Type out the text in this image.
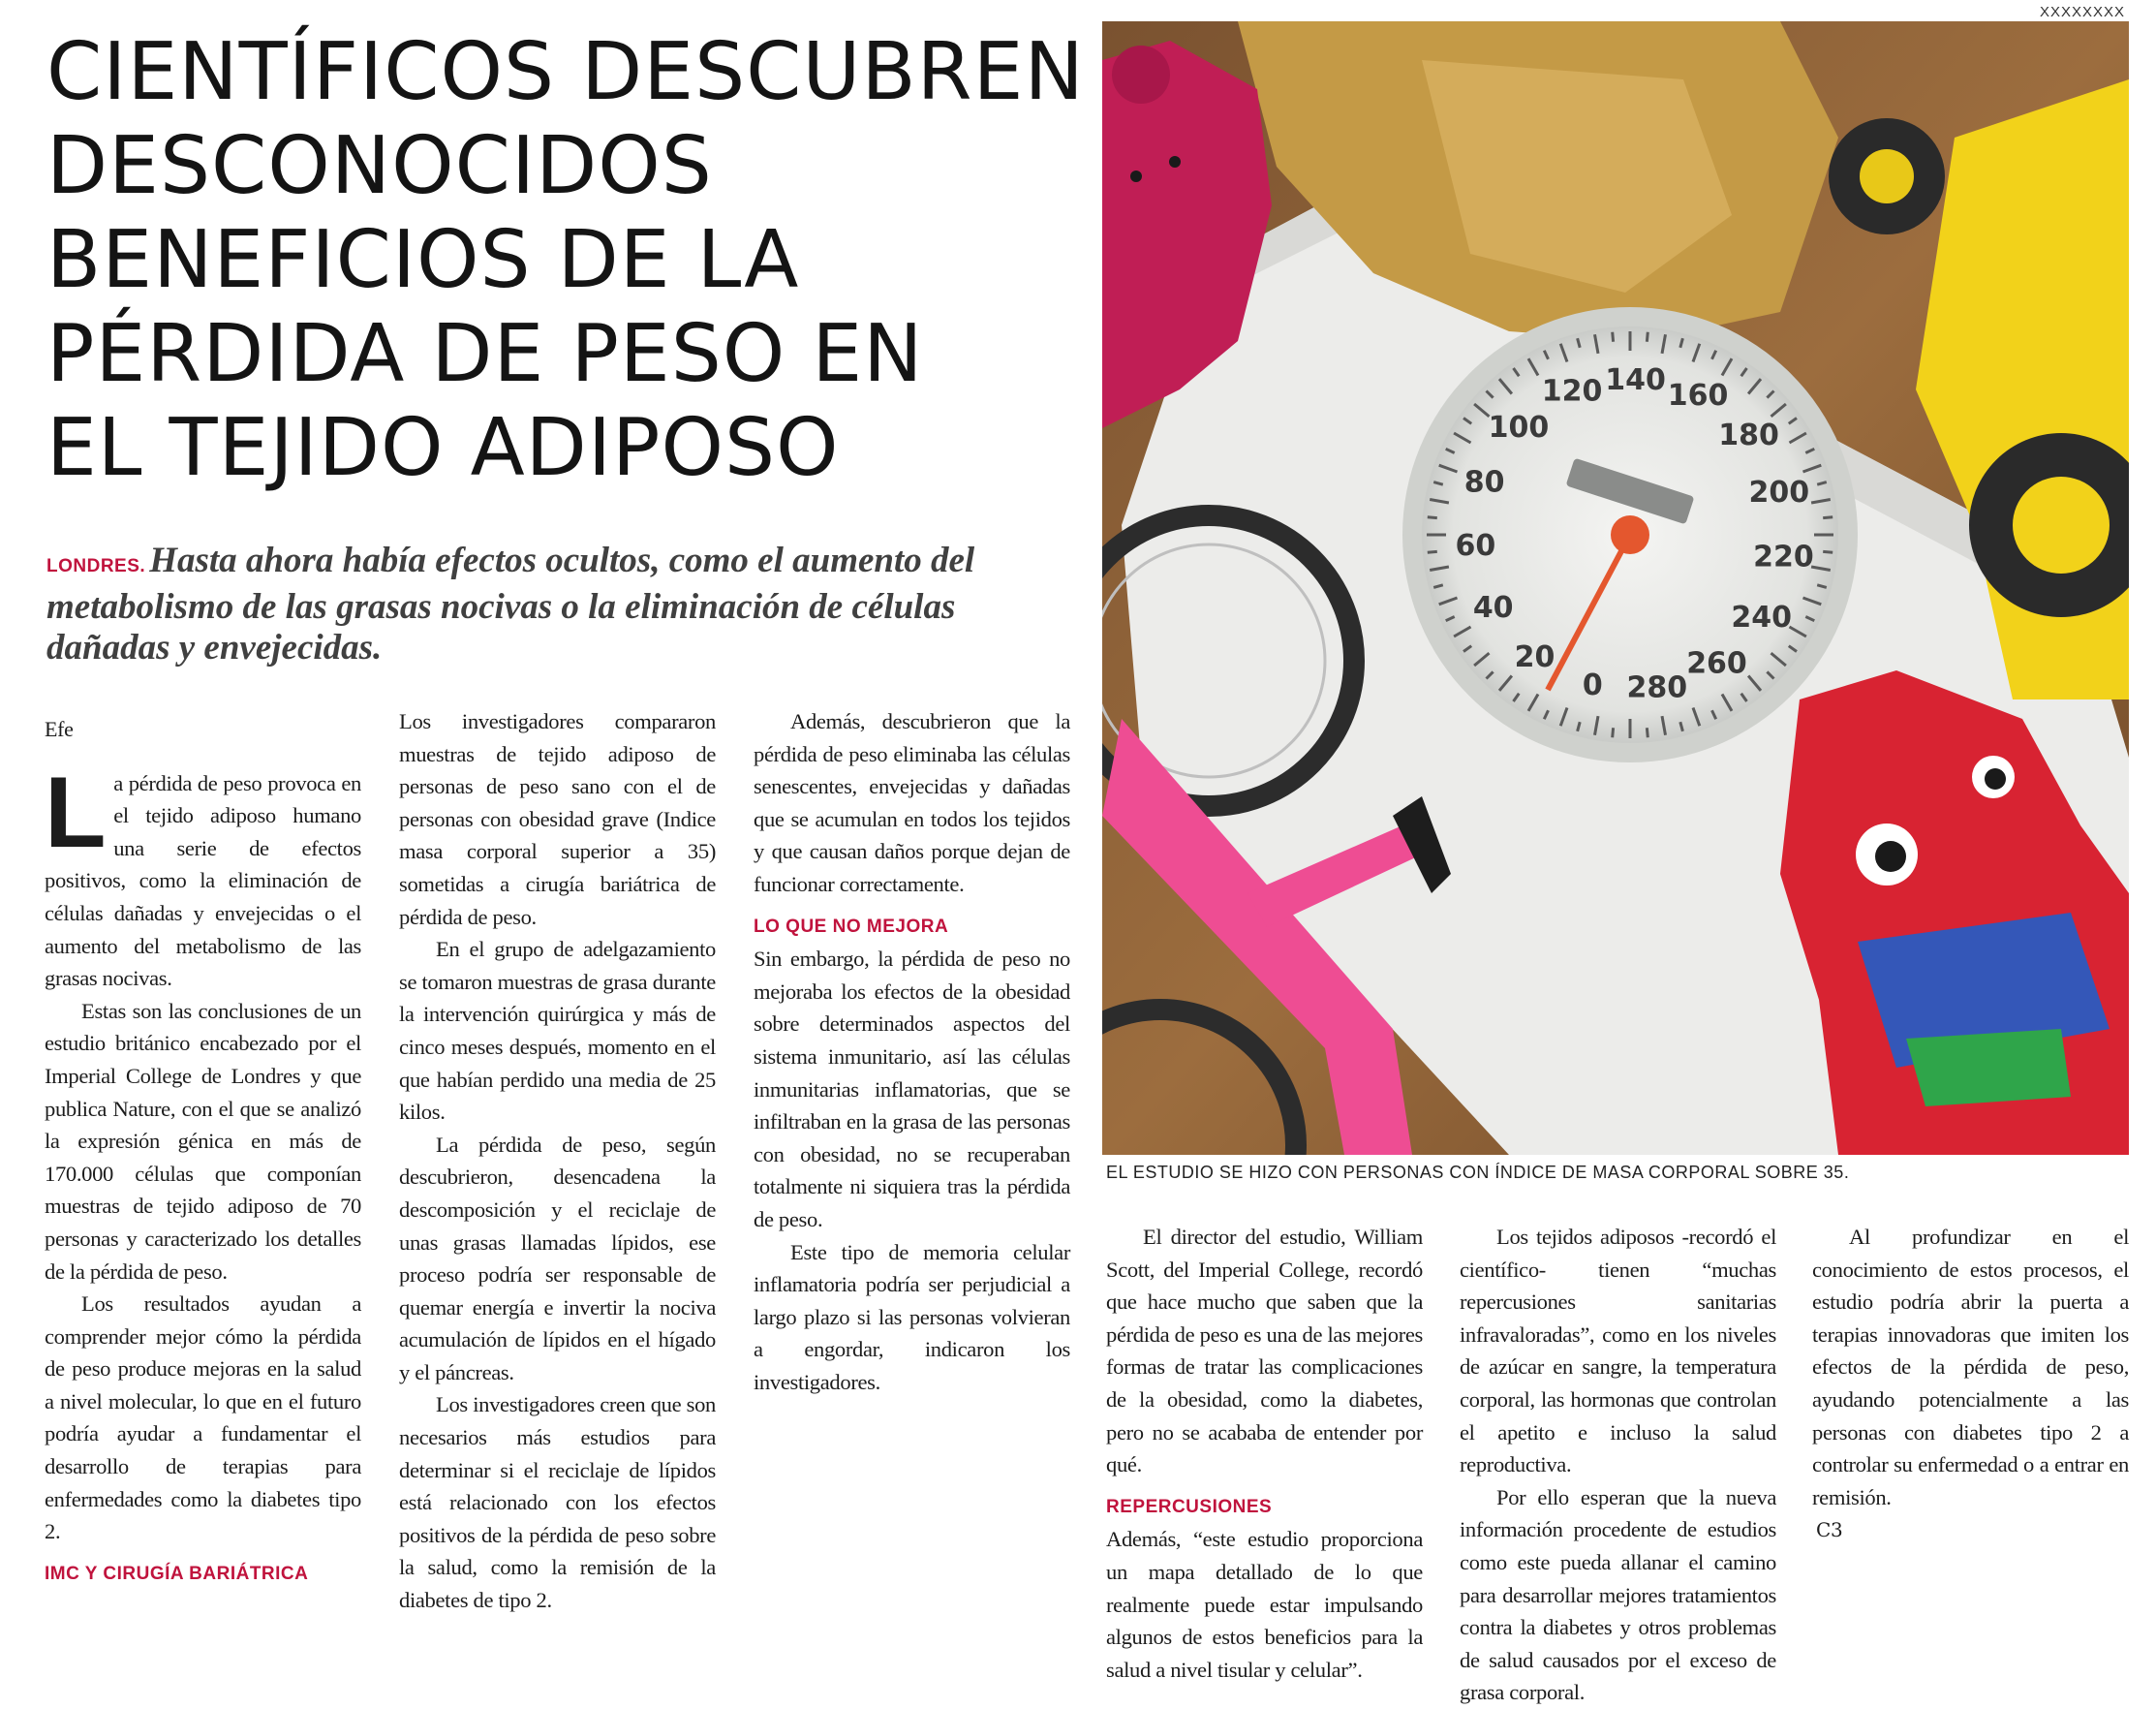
XXXXXXXX
CIENTÍFICOS DESCUBREN
DESCONOCIDOS
BENEFICIOS DE LA
PÉRDIDA DE PESO EN
EL TEJIDO ADIPOSO

LONDRES. Hasta ahora había efectos ocultos, como el aumento del metabolismo de las grasas nocivas o la eliminación de células dañadas y envejecidas.

80
100
120 140 160
180
200
220
240
260
280
0
20
40
60
EL ESTUDIO SE HIZO CON PERSONAS CON ÍNDICE DE MASA CORPORAL SOBRE 35.
Efe

La pérdida de peso provoca en el tejido adiposo humano una serie de efectos positivos, como la eliminación de células dañadas y envejecidas o el aumento del metabolismo de las grasas nocivas.

Estas son las conclusiones de un estudio británico encabezado por el Imperial College de Londres y que publica Nature, con el que se analizó la expresión génica en más de 170.000 células que componían muestras de tejido adiposo de 70 personas y caracterizado los detalles de la pérdida de peso.

Los resultados ayudan a comprender mejor cómo la pérdida de peso produce mejoras en la salud a nivel molecular, lo que en el futuro podría ayudar a fundamentar el desarrollo de terapias para enfermedades como la diabetes tipo 2.

IMC Y CIRUGÍA BARIÁTRICA

Los investigadores compararon muestras de tejido adiposo de personas de peso sano con el de personas con obesidad grave (Indice masa corporal superior a 35) sometidas a cirugía bariátrica de pérdida de peso.

En el grupo de adelgazamiento se tomaron muestras de grasa durante la intervención quirúrgica y más de cinco meses después, momento en el que habían perdido una media de 25 kilos.

La pérdida de peso, según descubrieron, desencadena la descomposición y el reciclaje de unas grasas llamadas lípidos, ese proceso podría ser responsable de quemar energía e invertir la nociva acumulación de lípidos en el hígado y el páncreas.

Los investigadores creen que son necesarios más estudios para determinar si el reciclaje de lípidos está relacionado con los efectos positivos de la pérdida de peso sobre la salud, como la remisión de la diabetes de tipo 2.

Además, descubrieron que la pérdida de peso eliminaba las células senescentes, envejecidas y dañadas que se acumulan en todos los tejidos y que causan daños porque dejan de funcionar correctamente.

LO QUE NO MEJORA

Sin embargo, la pérdida de peso no mejoraba los efectos de la obesidad sobre determinados aspectos del sistema inmunitario, así las células inmunitarias inflamatorias, que se infiltraban en la grasa de las personas con obesidad, no se recuperaban totalmente ni siquiera tras la pérdida de peso.

Este tipo de memoria celular inflamatoria podría ser perjudicial a largo plazo si las personas volvieran a engordar, indicaron los investigadores.

El director del estudio, William Scott, del Imperial College, recordó que hace mucho que saben que la pérdida de peso es una de las mejores formas de tratar las complicaciones de la obesidad, como la diabetes, pero no se acababa de entender por qué.

REPERCUSIONES

Además, “este estudio proporciona un mapa detallado de lo que realmente puede estar impulsando algunos de estos beneficios para la salud a nivel tisular y celular”.

Los tejidos adiposos -recordó el científico- tienen “muchas repercusiones sanitarias infravaloradas”, como en los niveles de azúcar en sangre, la temperatura corporal, las hormonas que controlan el apetito e incluso la salud reproductiva.

Por ello esperan que la nueva información procedente de estudios como este pueda allanar el camino para desarrollar mejores tratamientos contra la diabetes y otros problemas de salud causados por el exceso de grasa corporal.

Al profundizar en el conocimiento de estos procesos, el estudio podría abrir la puerta a terapias innovadoras que imiten los efectos de la pérdida de peso, ayudando potencialmente a las personas con diabetes tipo 2 a controlar su enfermedad o a entrar en remisión.

C3
